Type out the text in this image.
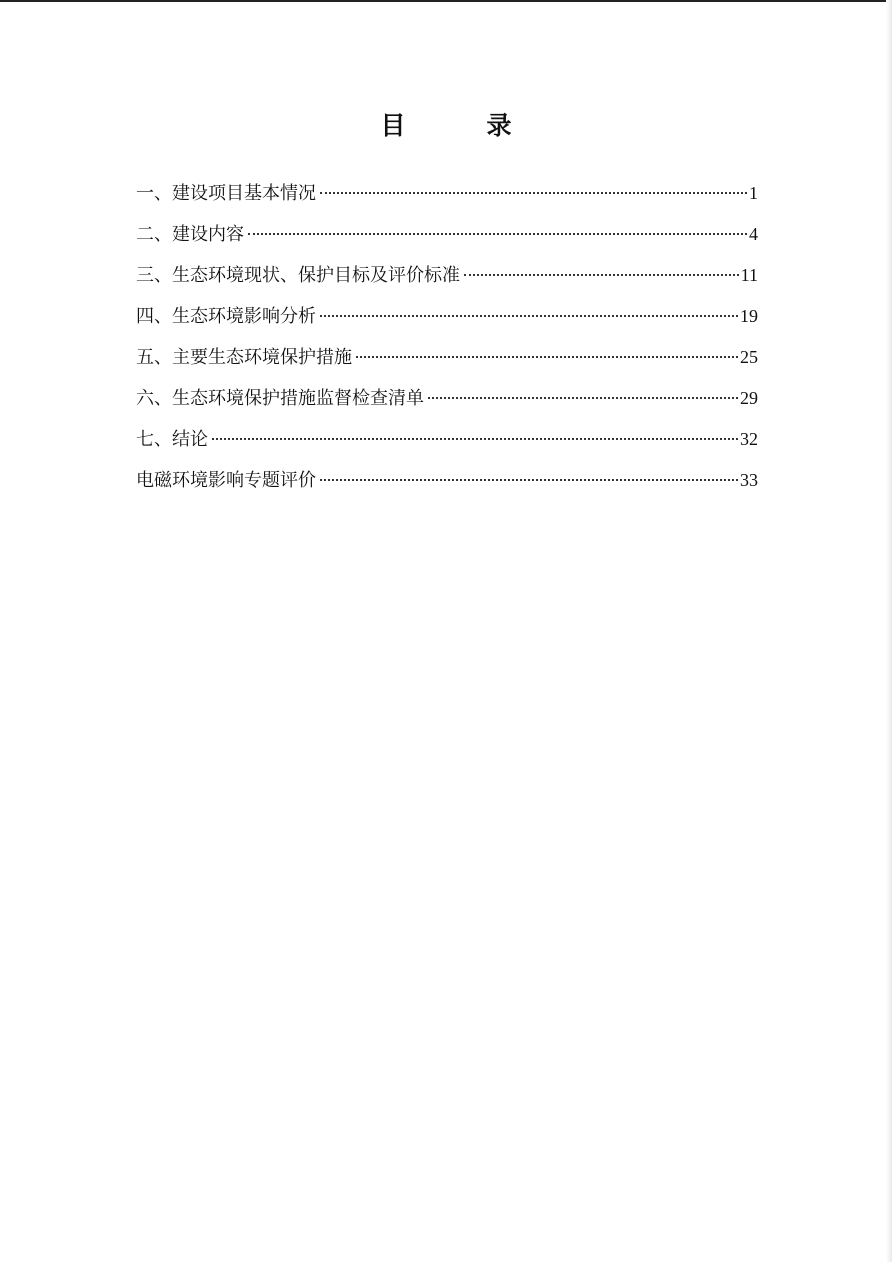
目　录
一、建设项目基本情况	1
二、建设内容	4
三、生态环境现状、保护目标及评价标准	11
四、生态环境影响分析	19
五、主要生态环境保护措施	25
六、生态环境保护措施监督检查清单	29
七、结论	32
电磁环境影响专题评价	33
